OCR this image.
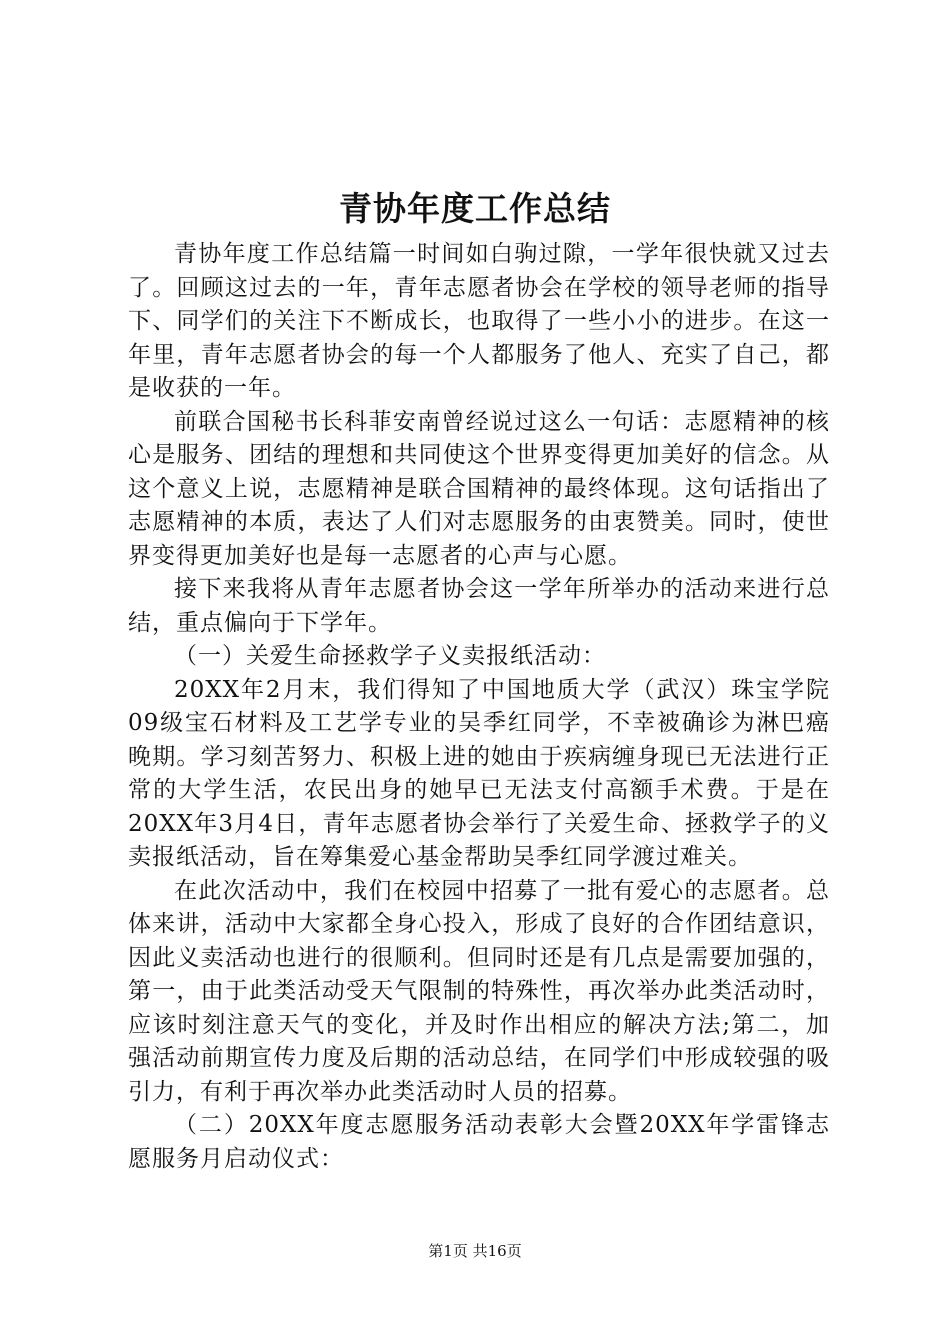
青协年度工作总结

青协年度工作总结篇一时间如白驹过隙，一学年很快就又过去了。回顾这过去的一年，青年志愿者协会在学校的领导老师的指导下、同学们的关注下不断成长，也取得了一些小小的进步。在这一年里，青年志愿者协会的每一个人都服务了他人、充实了自己，都是收获的一年。

前联合国秘书长科菲安南曾经说过这么一句话：志愿精神的核心是服务、团结的理想和共同使这个世界变得更加美好的信念。从这个意义上说，志愿精神是联合国精神的最终体现。这句话指出了志愿精神的本质，表达了人们对志愿服务的由衷赞美。同时，使世界变得更加美好也是每一志愿者的心声与心愿。

接下来我将从青年志愿者协会这一学年所举办的活动来进行总结，重点偏向于下学年。

（一）关爱生命拯救学子义卖报纸活动：

20XX年2月末，我们得知了中国地质大学（武汉）珠宝学院09级宝石材料及工艺学专业的吴季红同学，不幸被确诊为淋巴癌晚期。学习刻苦努力、积极上进的她由于疾病缠身现已无法进行正常的大学生活，农民出身的她早已无法支付高额手术费。于是在20XX年3月4日，青年志愿者协会举行了关爱生命、拯救学子的义卖报纸活动，旨在筹集爱心基金帮助吴季红同学渡过难关。

在此次活动中，我们在校园中招募了一批有爱心的志愿者。总体来讲，活动中大家都全身心投入，形成了良好的合作团结意识，因此义卖活动也进行的很顺利。但同时还是有几点是需要加强的，第一，由于此类活动受天气限制的特殊性，再次举办此类活动时，应该时刻注意天气的变化，并及时作出相应的解决方法;第二，加强活动前期宣传力度及后期的活动总结，在同学们中形成较强的吸引力，有利于再次举办此类活动时人员的招募。

（二）20XX年度志愿服务活动表彰大会暨20XX年学雷锋志愿服务月启动仪式：

第1页 共16页
